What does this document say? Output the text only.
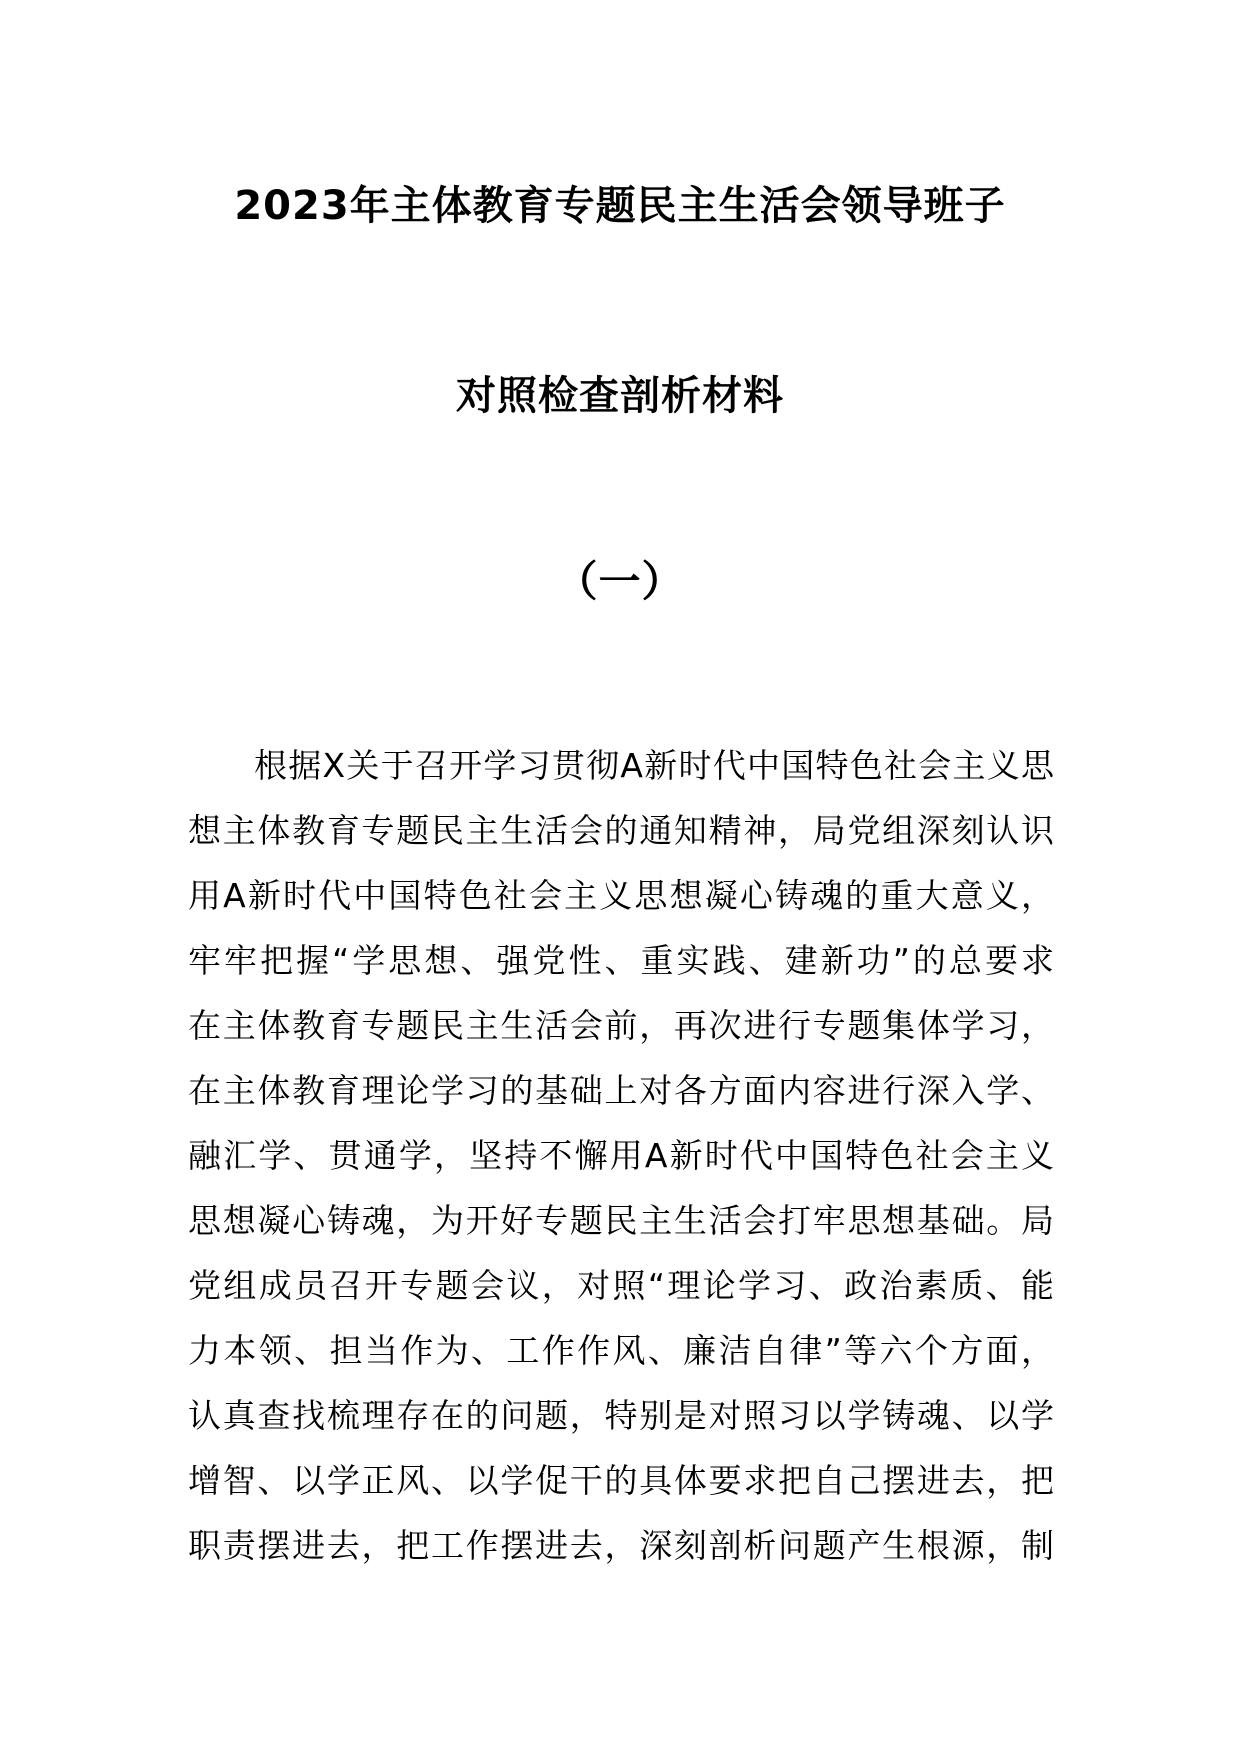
2023年主体教育专题民主生活会领导班子
对照检查剖析材料
（一）
根据X关于召开学习贯彻A新时代中国特色社会主义思
想主体教育专题民主生活会的通知精神，局党组深刻认识
用A新时代中国特色社会主义思想凝心铸魂的重大意义，
牢牢把握“学思想、强党性、重实践、建新功”的总要求
在主体教育专题民主生活会前，再次进行专题集体学习，
在主体教育理论学习的基础上对各方面内容进行深入学、
融汇学、贯通学，坚持不懈用A新时代中国特色社会主义
思想凝心铸魂，为开好专题民主生活会打牢思想基础。局
党组成员召开专题会议，对照“理论学习、政治素质、能
力本领、担当作为、工作作风、廉洁自律”等六个方面，
认真查找梳理存在的问题，特别是对照习以学铸魂、以学
增智、以学正风、以学促干的具体要求把自己摆进去，把
职责摆进去，把工作摆进去，深刻剖析问题产生根源，制
